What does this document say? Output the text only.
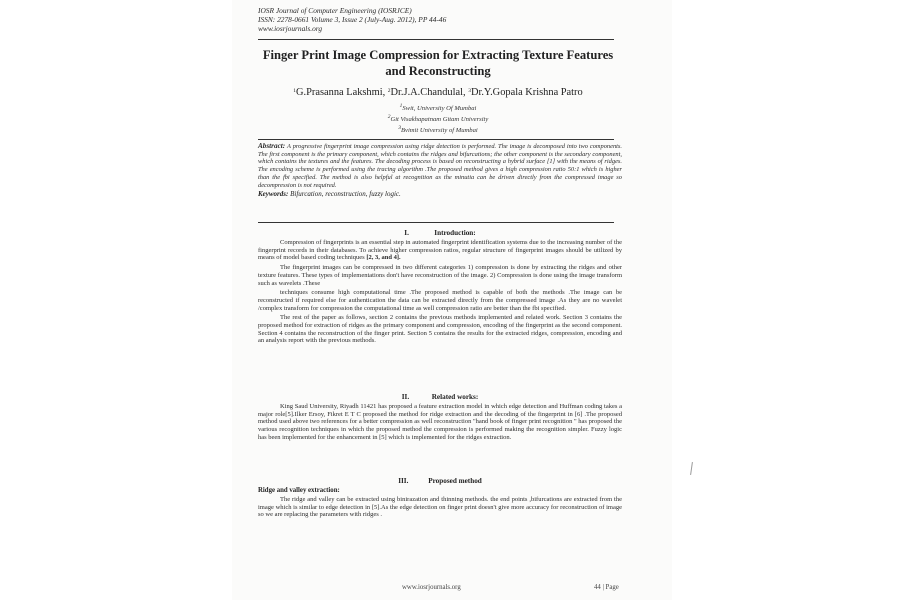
IOSR Journal of Computer Engineering (IOSRJCE)
ISSN: 2278-0661 Volume 3, Issue 2 (July-Aug. 2012), PP 44-46
www.iosrjournals.org
Finger Print Image Compression for Extracting Texture Features and Reconstructing
$^1$G.Prasanna Lakshmi, $^2$Dr.J.A.Chandulal, $^3$Dr.Y.Gopala Krishna Patro
$^1$Swit, University Of Mumbai
$^2$Git Visakhapatnam Gitam University
$^3$Bvimit University of Mumbai

Abstract: A progressive fingerprint image compression using ridge detection is performed. The image is decomposed into two components. The first component is the primary component, which contains the ridges and bifurcations; the other component is the secondary component, which contains the textures and the features. The decoding process is based on reconstructing a hybrid surface [1] with the means of ridges. The encoding scheme is performed using the tracing algorithm .The proposed method gives a high compression ratio 50:1 which is higher than the fbi specified. The method is also helpful at recognition as the minutia can be driven directly from the compressed image so decompression is not required.

Keywords: Bifurcation, reconstruction, fuzzy logic.
I.	Introduction:

Compression of fingerprints is an essential step in automated fingerprint identification systems due to the increasing number of the fingerprint records in their databases. To achieve higher compression ratios, regular structure of fingerprint images should be utilized by means of model based coding techniques [2, 3, and 4].

The fingerprint images can be compressed in two different categories 1) compression is done by extracting the ridges and other texture features. These types of implementations don't have reconstruction of the image. 2) Compression is done using the image transform such as wavelets .These

techniques consume high computational time .The proposed method is capable of both the methods .The image can be reconstructed if required else for authentication the data can be extracted directly from the compressed image .As they are no wavelet /complex transform for compression the computational time as well compression ratio are better than the fbi specified.

The rest of the paper as follows, section 2 contains the previous methods implemented and related work. Section 3 contains the proposed method for extraction of ridges as the primary component and compression, encoding of the fingerprint as the second component. Section 4 contains the reconstruction of the finger print. Section 5 contains the results for the extracted ridges, compression, encoding and an analysis report with the previous methods.

II.	Related works:

King Saud University, Riyadh 11421 has proposed a feature extraction model in which edge detection and Huffman coding takes a major role[5].Ilker Ersoy, Fikret E T C proposed the method for ridge extraction and the decoding of the fingerprint in [6] .The proposed method used above two references for a better compression as well reconstruction "hand book of finger print recognition " has proposed the various recognition techniques in which the proposed method the compression is performed making the recognition simpler. Fuzzy logic has been implemented for the enhancement in [5] which is implemented for the ridges extraction.

III.	Proposed method
Ridge and valley extraction:

The ridge and valley can be extracted using binirazation and thinning methods. the end points ,bifurcations are extracted from the image which is similar to edge detection in [5].As the edge detection on finger print doesn't give more accuracy for reconstruction of image so we are replacing the parameters with ridges .

www.iosrjournals.org	44 | Page
